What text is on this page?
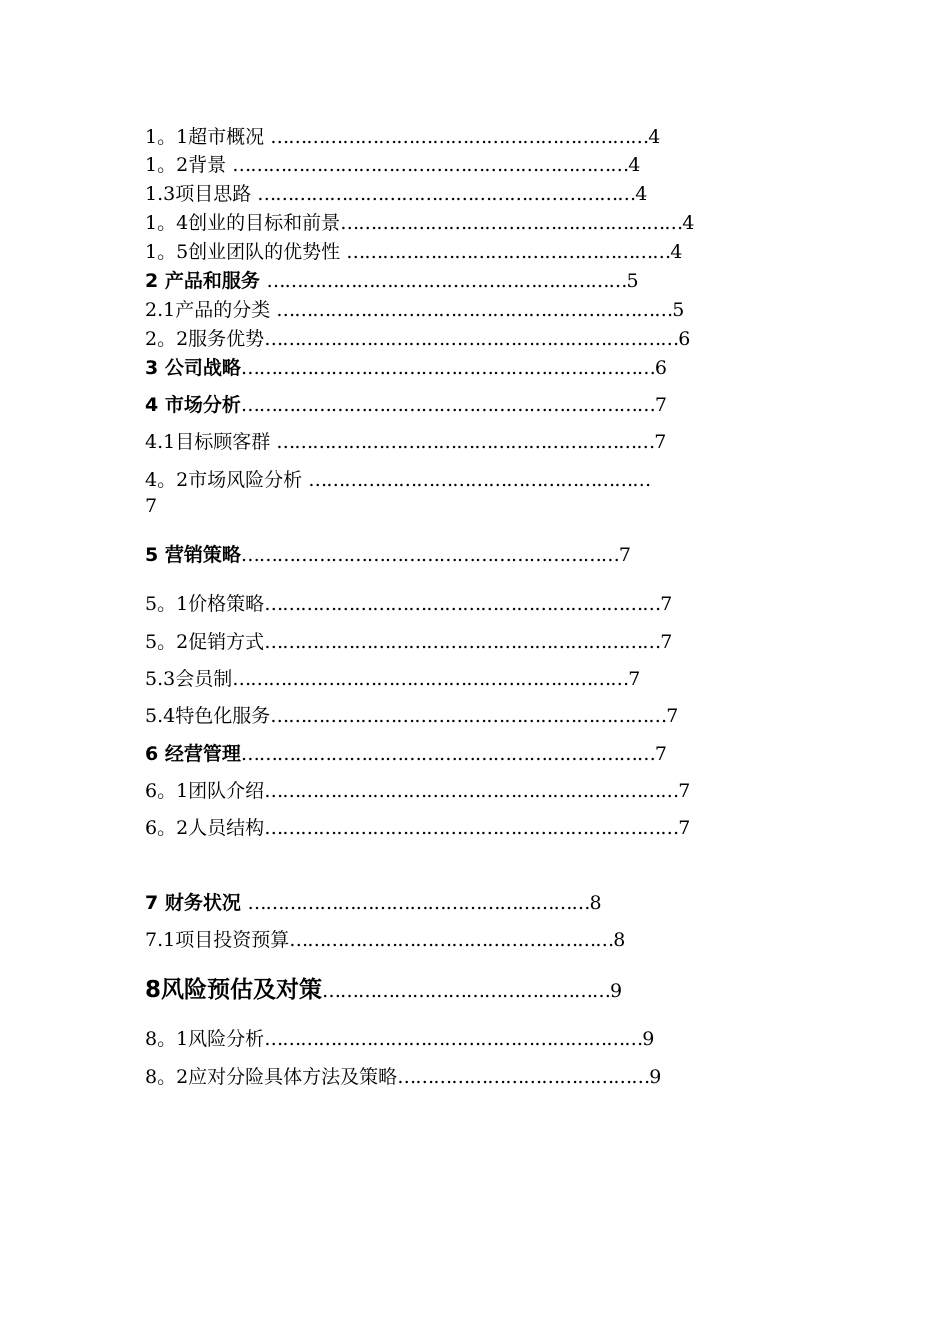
1。1超市概况 ………………………………………………………4
1。2背景 …………………………………………………………4
1.3项目思路 ………………………………………………………4
1。4创业的目标和前景…………………………………………………4
1。5创业团队的优势性 ………………………………………………4
2 产品和服务 ……………………………………………………5
2.1产品的分类 …………………………………………………………5
2。2服务优势……………………………………………………………6
3 公司战略……………………………………………………………6
4 市场分析……………………………………………………………7
4.1目标顾客群 ………………………………………………………7
4。2市场风险分析 …………………………………………………
7
5 营销策略………………………………………………………7
5。1价格策略…………………………………………………………7
5。2促销方式…………………………………………………………7
5.3会员制…………………………………………………………7
5.4特色化服务…………………………………………………………7
6 经营管理……………………………………………………………7
6。1团队介绍……………………………………………………………7
6。2人员结构……………………………………………………………7
7 财务状况 …………………………………………………8
7.1项目投资预算………………………………………………8
8风险预估及对策…………………………………………9
8。1风险分析………………………………………………………9
8。2应对分险具体方法及策略……………………………………9
